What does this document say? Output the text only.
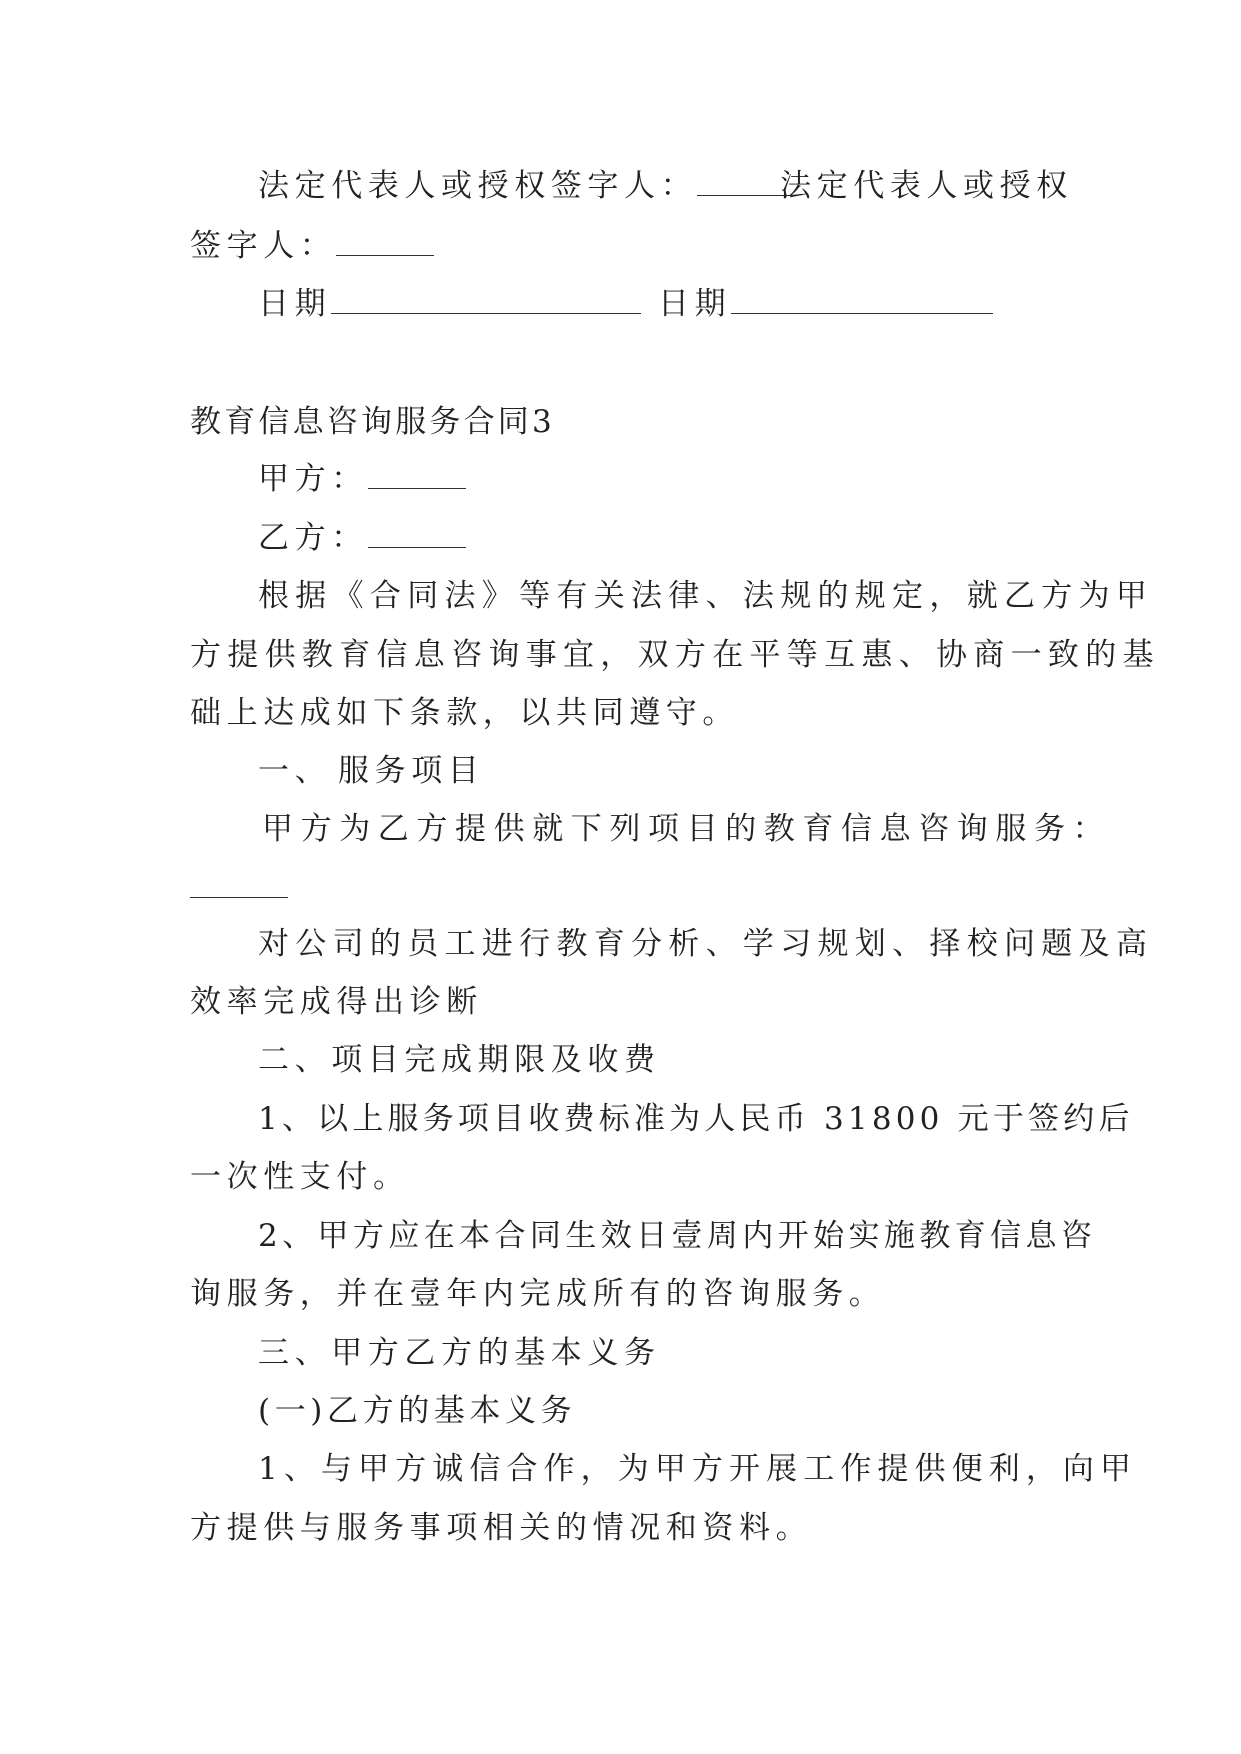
法定代表人或授权签字人：	法定代表人或授权
签字人：
日期	日期
教育信息咨询服务合同3
甲方：
乙方：
根据《合同法》等有关法律、法规的规定，就乙方为甲
方提供教育信息咨询事宜，双方在平等互惠、协商一致的基
础上达成如下条款，以共同遵守。
一、 服务项目
甲方为乙方提供就下列项目的教育信息咨询服务：
对公司的员工进行教育分析、学习规划、择校问题及高
效率完成得出诊断
二、项目完成期限及收费
1、以上服务项目收费标准为人民币 31800 元于签约后
一次性支付。
2、甲方应在本合同生效日壹周内开始实施教育信息咨
询服务，并在壹年内完成所有的咨询服务。
三、甲方乙方的基本义务
(一)乙方的基本义务
1、与甲方诚信合作，为甲方开展工作提供便利，向甲
方提供与服务事项相关的情况和资料。
